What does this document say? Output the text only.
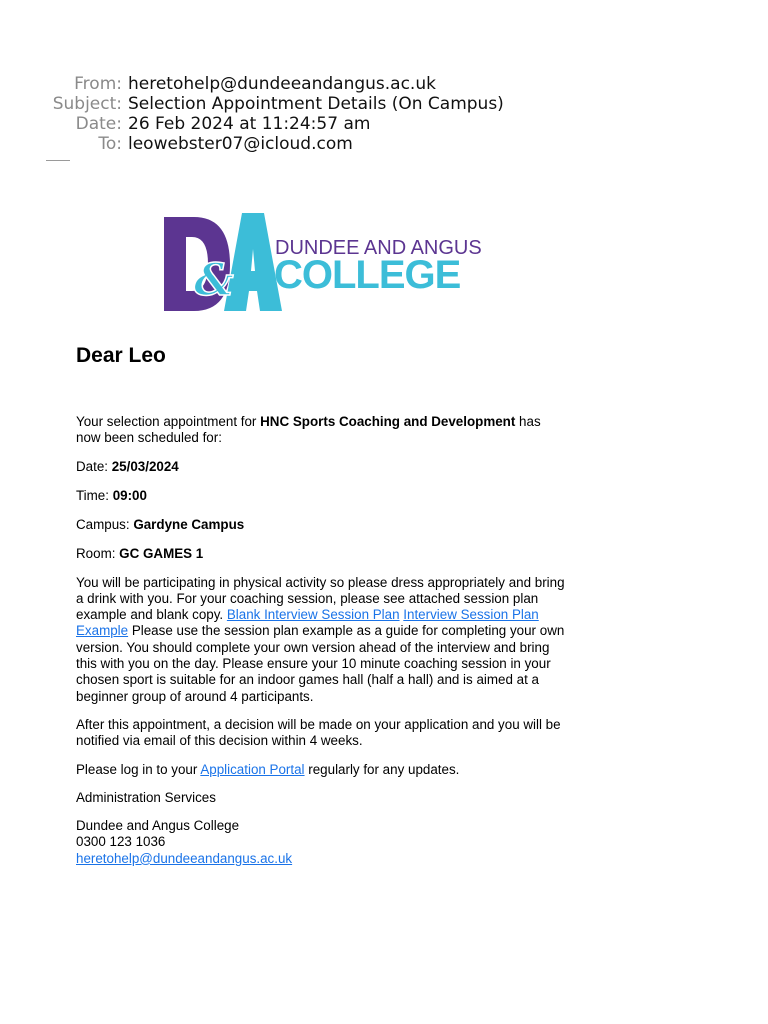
From: heretohelp@dundeeandangus.ac.uk
Subject: Selection Appointment Details (On Campus)
Date: 26 Feb 2024 at 11:24:57 am
To: leowebster07@icloud.com
&
DUNDEE AND ANGUS
COLLEGE
Dear Leo

Your selection appointment for HNC Sports Coaching and Development has now been scheduled for:

Date: 25/03/2024

Time: 09:00

Campus: Gardyne Campus

Room: GC GAMES 1

You will be participating in physical activity so please dress appropriately and bring a drink with you. For your coaching session, please see attached session plan example and blank copy. Blank Interview Session Plan Interview Session Plan Example Please use the session plan example as a guide for completing your own version. You should complete your own version ahead of the interview and bring this with you on the day. Please ensure your 10 minute coaching session in your chosen sport is suitable for an indoor games hall (half a hall) and is aimed at a beginner group of around 4 participants.

After this appointment, a decision will be made on your application and you will be notified via email of this decision within 4 weeks.

Please log in to your Application Portal regularly for any updates.

Administration Services

Dundee and Angus College

0300 123 1036

heretohelp@dundeeandangus.ac.uk
